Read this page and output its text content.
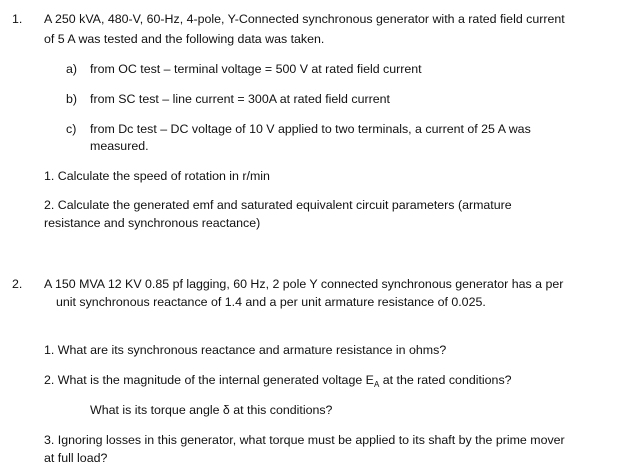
1. A 250 kVA, 480-V, 60-Hz, 4-pole, Y-Connected synchronous generator with a rated field current
of 5 A was tested and the following data was taken.
a) from OC test – terminal voltage = 500 V at rated field current
b) from SC test – line current = 300A at rated field current
c) from Dc test – DC voltage of 10 V applied to two terminals, a current of 25 A was
measured.
1. Calculate the speed of rotation in r/min
2. Calculate the generated emf and saturated equivalent circuit parameters (armature
resistance and synchronous reactance)
2. A 150 MVA 12 KV 0.85 pf lagging, 60 Hz, 2 pole Y connected synchronous generator has a per
unit synchronous reactance of 1.4 and a per unit armature resistance of 0.025.
1. What are its synchronous reactance and armature resistance in ohms?
2. What is the magnitude of the internal generated voltage $E_A$ at the rated conditions?
What is its torque angle δ at this conditions?
3. Ignoring losses in this generator, what torque must be applied to its shaft by the prime mover
at full load?
